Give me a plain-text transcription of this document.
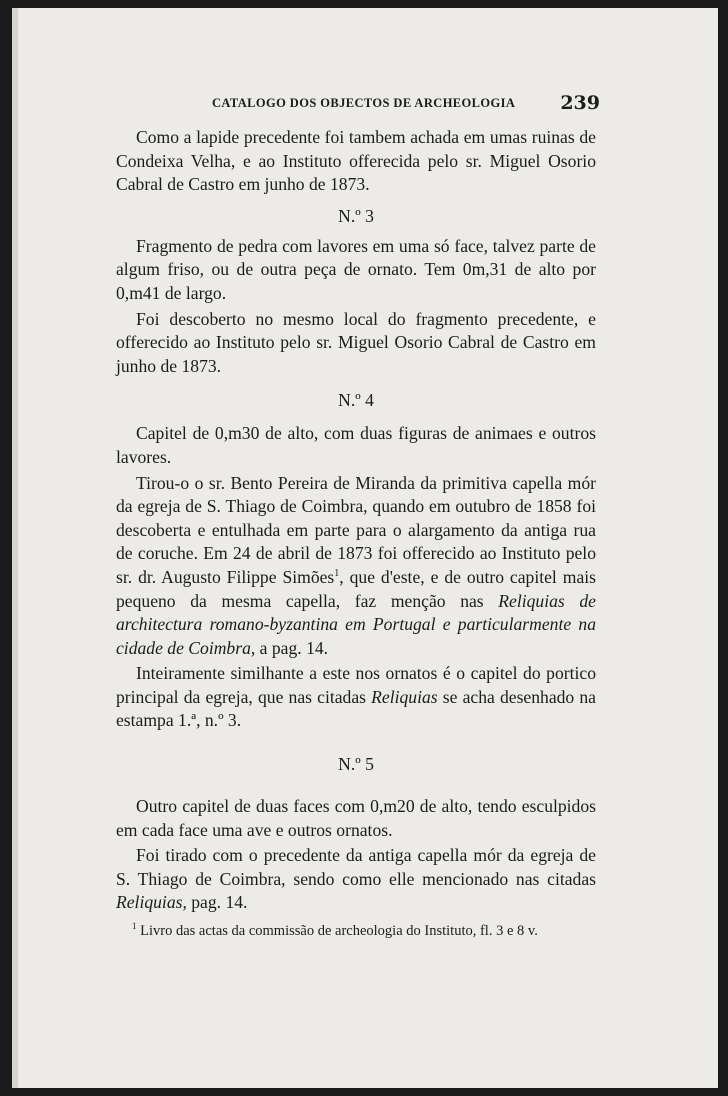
CATALOGO DOS OBJECTOS DE ARCHEOLOGIA 239

Como a lapide precedente foi tambem achada em umas ruinas de Condeixa Velha, e ao Instituto offerecida pelo sr. Miguel Osorio Cabral de Castro em junho de 1873.

N.º 3

Fragmento de pedra com lavores em uma só face, talvez parte de algum friso, ou de outra peça de ornato. Tem 0m,31 de alto por 0,m41 de largo.

Foi descoberto no mesmo local do fragmento precedente, e offerecido ao Instituto pelo sr. Miguel Osorio Cabral de Castro em junho de 1873.

N.º 4

Capitel de 0,m30 de alto, com duas figuras de animaes e outros lavores.

Tirou-o o sr. Bento Pereira de Miranda da primitiva capella mór da egreja de S. Thiago de Coimbra, quando em outubro de 1858 foi descoberta e entulhada em parte para o alargamento da antiga rua de coruche. Em 24 de abril de 1873 foi offerecido ao Instituto pelo sr. dr. Augusto Filippe Simões$^1$, que d'este, e de outro capitel mais pequeno da mesma capella, faz menção nas Reliquias de architectura romano-byzantina em Portugal e particularmente na cidade de Coimbra, a pag. 14.

Inteiramente similhante a este nos ornatos é o capitel do portico principal da egreja, que nas citadas Reliquias se acha desenhado na estampa 1.ª, n.º 3.

N.º 5

Outro capitel de duas faces com 0,m20 de alto, tendo esculpidos em cada face uma ave e outros ornatos.

Foi tirado com o precedente da antiga capella mór da egreja de S. Thiago de Coimbra, sendo como elle mencionado nas citadas Reliquias, pag. 14.

$^1$ Livro das actas da commissão de archeologia do Instituto, fl. 3 e 8 v.
